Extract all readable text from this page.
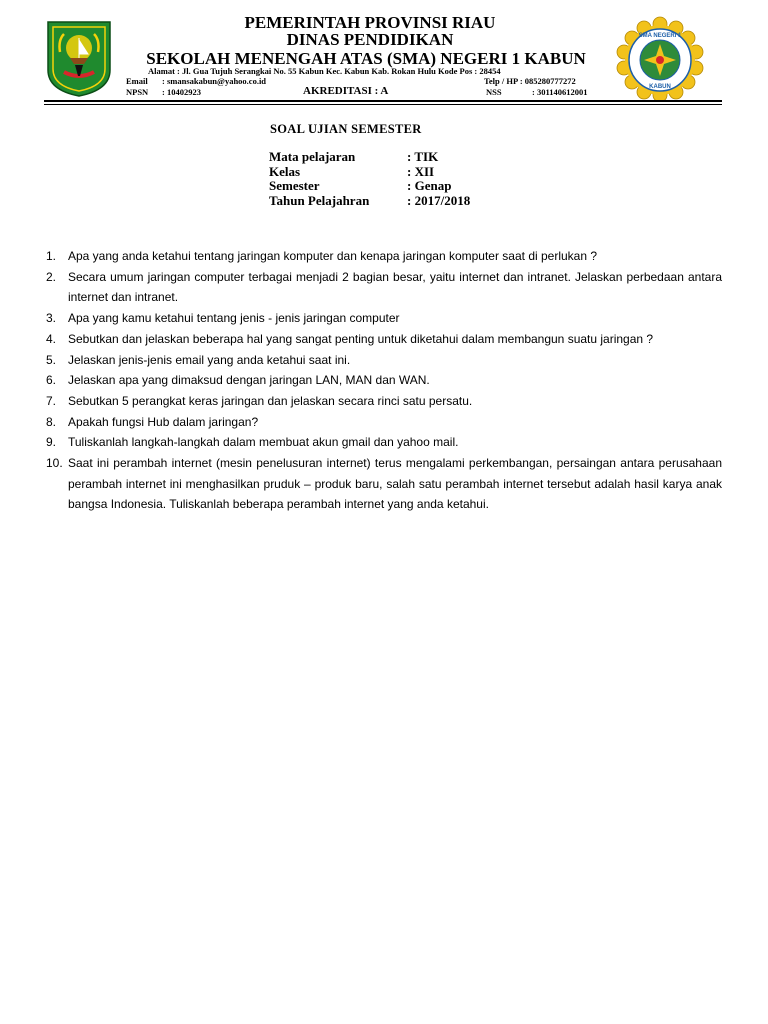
PEMERINTAH PROVINSI RIAU
DINAS PENDIDIKAN
SEKOLAH MENENGAH ATAS (SMA) NEGERI 1 KABUN
Alamat : Jl. Gua Tujuh Serangkai No. 55 Kabun Kec. Kabun Kab. Rokan Hulu Kode Pos : 28454
Email : smansakabun@yahoo.co.id	Telp / HP : 085280777272
NPSN : 10402923	AKREDITASI : A	NSS	: 301140612001
SMA NEGERI 1
KABUN
SOAL UJIAN SEMESTER
Mata pelajaran	: TIK
Kelas	: XII
Semester	: Genap
Tahun Pelajahran	: 2017/2018
1. Apa yang anda ketahui tentang jaringan komputer dan kenapa jaringan komputer saat di perlukan ?
2. Secara umum jaringan computer terbagai menjadi 2 bagian besar, yaitu internet dan intranet. Jelaskan perbedaan antara internet dan intranet.
3. Apa yang kamu ketahui tentang jenis - jenis jaringan computer
4. Sebutkan dan jelaskan beberapa hal yang sangat penting untuk diketahui dalam membangun suatu jaringan ?
5. Jelaskan jenis-jenis email yang anda ketahui saat ini.
6. Jelaskan apa yang dimaksud dengan jaringan LAN, MAN dan WAN.
7. Sebutkan 5 perangkat keras jaringan dan jelaskan secara rinci satu persatu.
8. Apakah fungsi Hub dalam jaringan?
9. Tuliskanlah langkah-langkah dalam membuat akun gmail dan yahoo mail.
10. Saat ini perambah internet (mesin penelusuran internet) terus mengalami perkembangan, persaingan antara perusahaan perambah internet ini menghasilkan pruduk – produk baru, salah satu perambah internet tersebut adalah hasil karya anak bangsa Indonesia. Tuliskanlah beberapa perambah internet yang anda ketahui.
